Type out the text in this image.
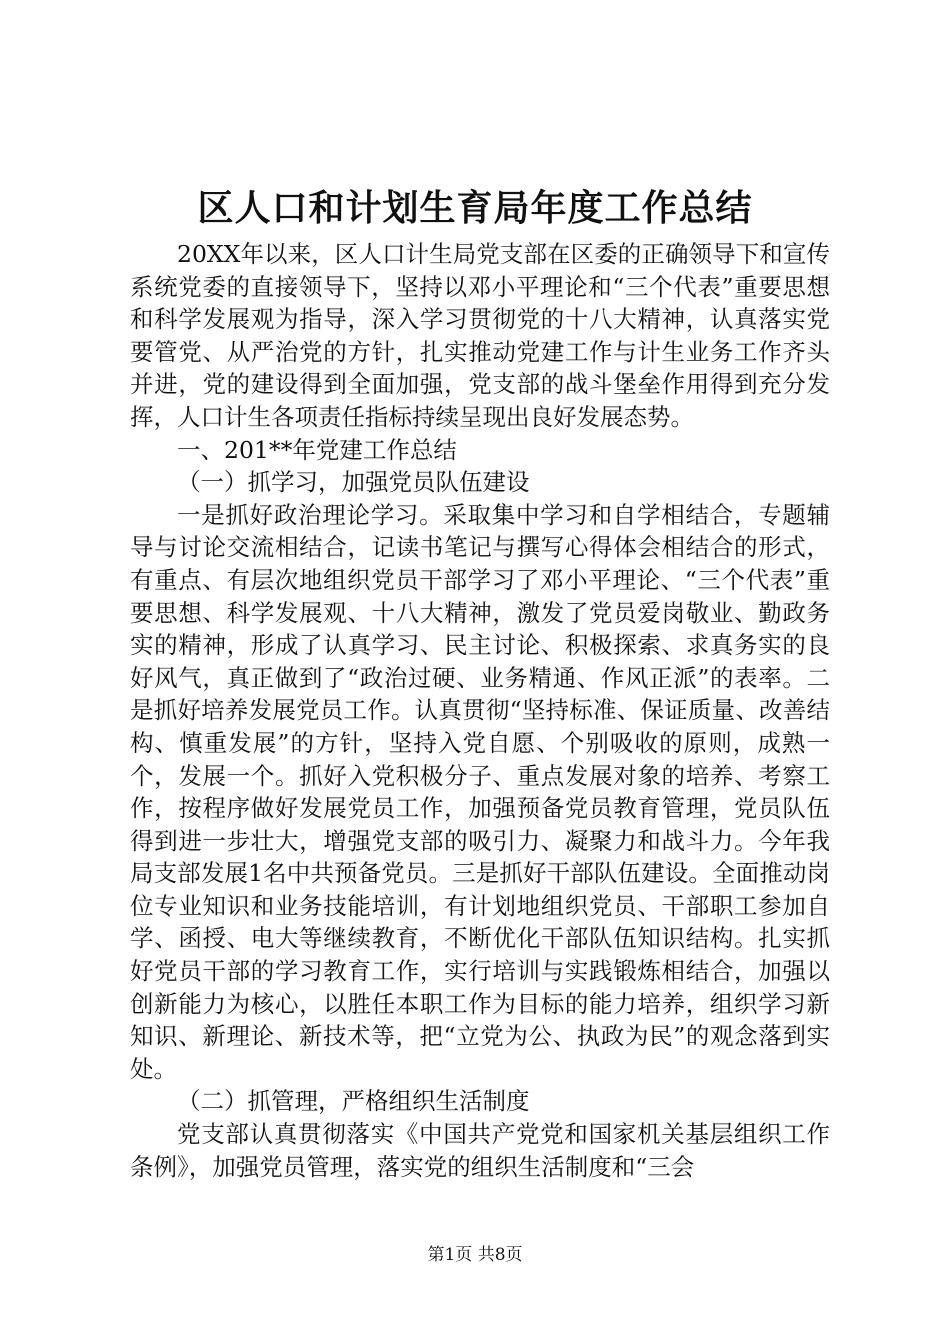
区人口和计划生育局年度工作总结

20XX年以来，区人口计生局党支部在区委的正确领导下和宣传系统党委的直接领导下，坚持以邓小平理论和“三个代表”重要思想和科学发展观为指导，深入学习贯彻党的十八大精神，认真落实党要管党、从严治党的方针，扎实推动党建工作与计生业务工作齐头并进，党的建设得到全面加强，党支部的战斗堡垒作用得到充分发挥，人口计生各项责任指标持续呈现出良好发展态势。

一、201**年党建工作总结

（一）抓学习，加强党员队伍建设

一是抓好政治理论学习。采取集中学习和自学相结合，专题辅导与讨论交流相结合，记读书笔记与撰写心得体会相结合的形式，有重点、有层次地组织党员干部学习了邓小平理论、“三个代表”重要思想、科学发展观、十八大精神，激发了党员爱岗敬业、勤政务实的精神，形成了认真学习、民主讨论、积极探索、求真务实的良好风气，真正做到了“政治过硬、业务精通、作风正派”的表率。二是抓好培养发展党员工作。认真贯彻“坚持标准、保证质量、改善结构、慎重发展”的方针，坚持入党自愿、个别吸收的原则，成熟一个，发展一个。抓好入党积极分子、重点发展对象的培养、考察工作，按程序做好发展党员工作，加强预备党员教育管理，党员队伍得到进一步壮大，增强党支部的吸引力、凝聚力和战斗力。今年我局支部发展1名中共预备党员。三是抓好干部队伍建设。全面推动岗位专业知识和业务技能培训，有计划地组织党员、干部职工参加自学、函授、电大等继续教育，不断优化干部队伍知识结构。扎实抓好党员干部的学习教育工作，实行培训与实践锻炼相结合，加强以创新能力为核心，以胜任本职工作为目标的能力培养，组织学习新知识、新理论、新技术等，把“立党为公、执政为民”的观念落到实处。

（二）抓管理，严格组织生活制度

党支部认真贯彻落实《中国共产党党和国家机关基层组织工作条例》，加强党员管理，落实党的组织生活制度和“三会

第1页 共8页
